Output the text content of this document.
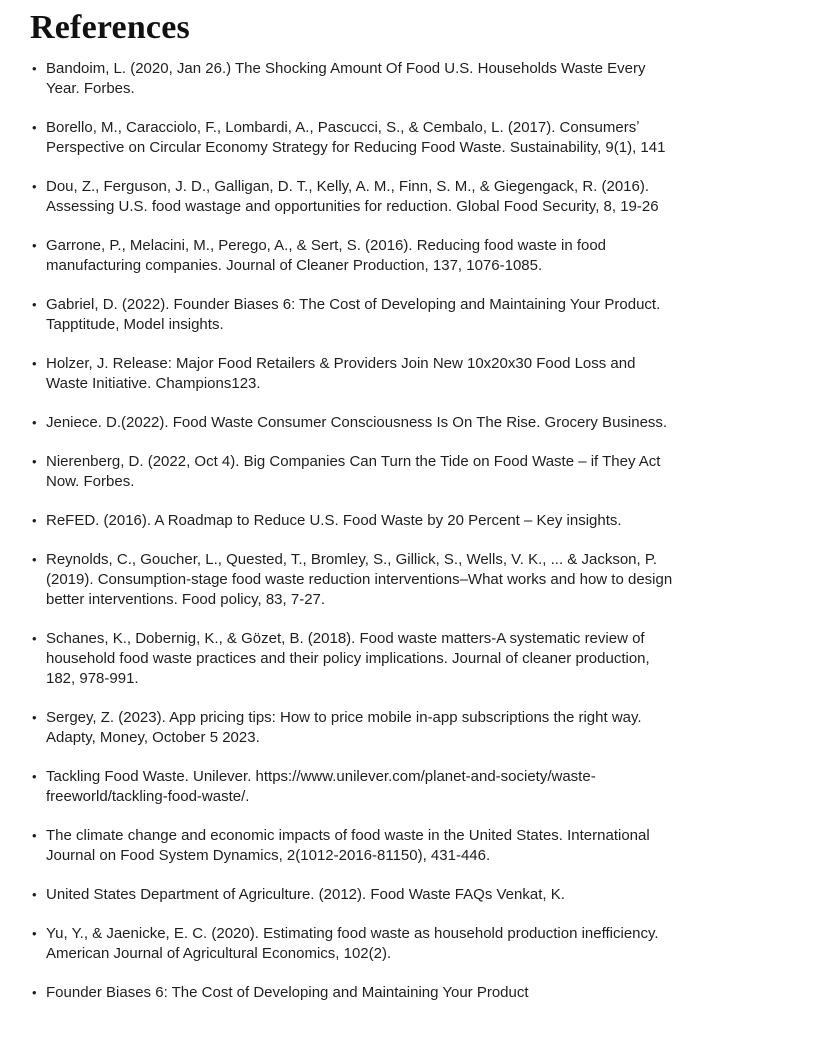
References
• Bandoim, L. (2020, Jan 26.) The Shocking Amount Of Food U.S. Households Waste Every Year. Forbes.
• Borello, M., Caracciolo, F., Lombardi, A., Pascucci, S., & Cembalo, L. (2017). Consumersʼ Perspective on Circular Economy Strategy for Reducing Food Waste. Sustainability, 9(1), 141
• Dou, Z., Ferguson, J. D., Galligan, D. T., Kelly, A. M., Finn, S. M., & Giegengack, R. (2016). Assessing U.S. food wastage and opportunities for reduction. Global Food Security, 8, 19-26
• Garrone, P., Melacini, M., Perego, A., & Sert, S. (2016). Reducing food waste in food manufacturing companies. Journal of Cleaner Production, 137, 1076-1085.
• Gabriel, D. (2022). Founder Biases 6: The Cost of Developing and Maintaining Your Product. Tapptitude, Model insights.
• Holzer, J. Release: Major Food Retailers & Providers Join New 10x20x30 Food Loss and Waste Initiative. Champions123.
• Jeniece. D.(2022). Food Waste Consumer Consciousness Is On The Rise. Grocery Business.
• Nierenberg, D. (2022, Oct 4). Big Companies Can Turn the Tide on Food Waste – if They Act Now. Forbes.
• ReFED. (2016). A Roadmap to Reduce U.S. Food Waste by 20 Percent – Key insights.
• Reynolds, C., Goucher, L., Quested, T., Bromley, S., Gillick, S., Wells, V. K., ... & Jackson, P. (2019). Consumption-stage food waste reduction interventions–What works and how to design better interventions. Food policy, 83, 7-27.
• Schanes, K., Dobernig, K., & Gözet, B. (2018). Food waste matters-A systematic review of household food waste practices and their policy implications. Journal of cleaner production, 182, 978-991.
• Sergey, Z. (2023). App pricing tips: How to price mobile in-app subscriptions the right way. Adapty, Money, October 5 2023.
• Tackling Food Waste. Unilever. https://www.unilever.com/planet-and-society/waste-freeworld/tackling-food-waste/.
• The climate change and economic impacts of food waste in the United States. International Journal on Food System Dynamics, 2(1012-2016-81150), 431-446.
• United States Department of Agriculture. (2012). Food Waste FAQs Venkat, K.
• Yu, Y., & Jaenicke, E. C. (2020). Estimating food waste as household production inefficiency. American Journal of Agricultural Economics, 102(2).
• Founder Biases 6: The Cost of Developing and Maintaining Your Product
